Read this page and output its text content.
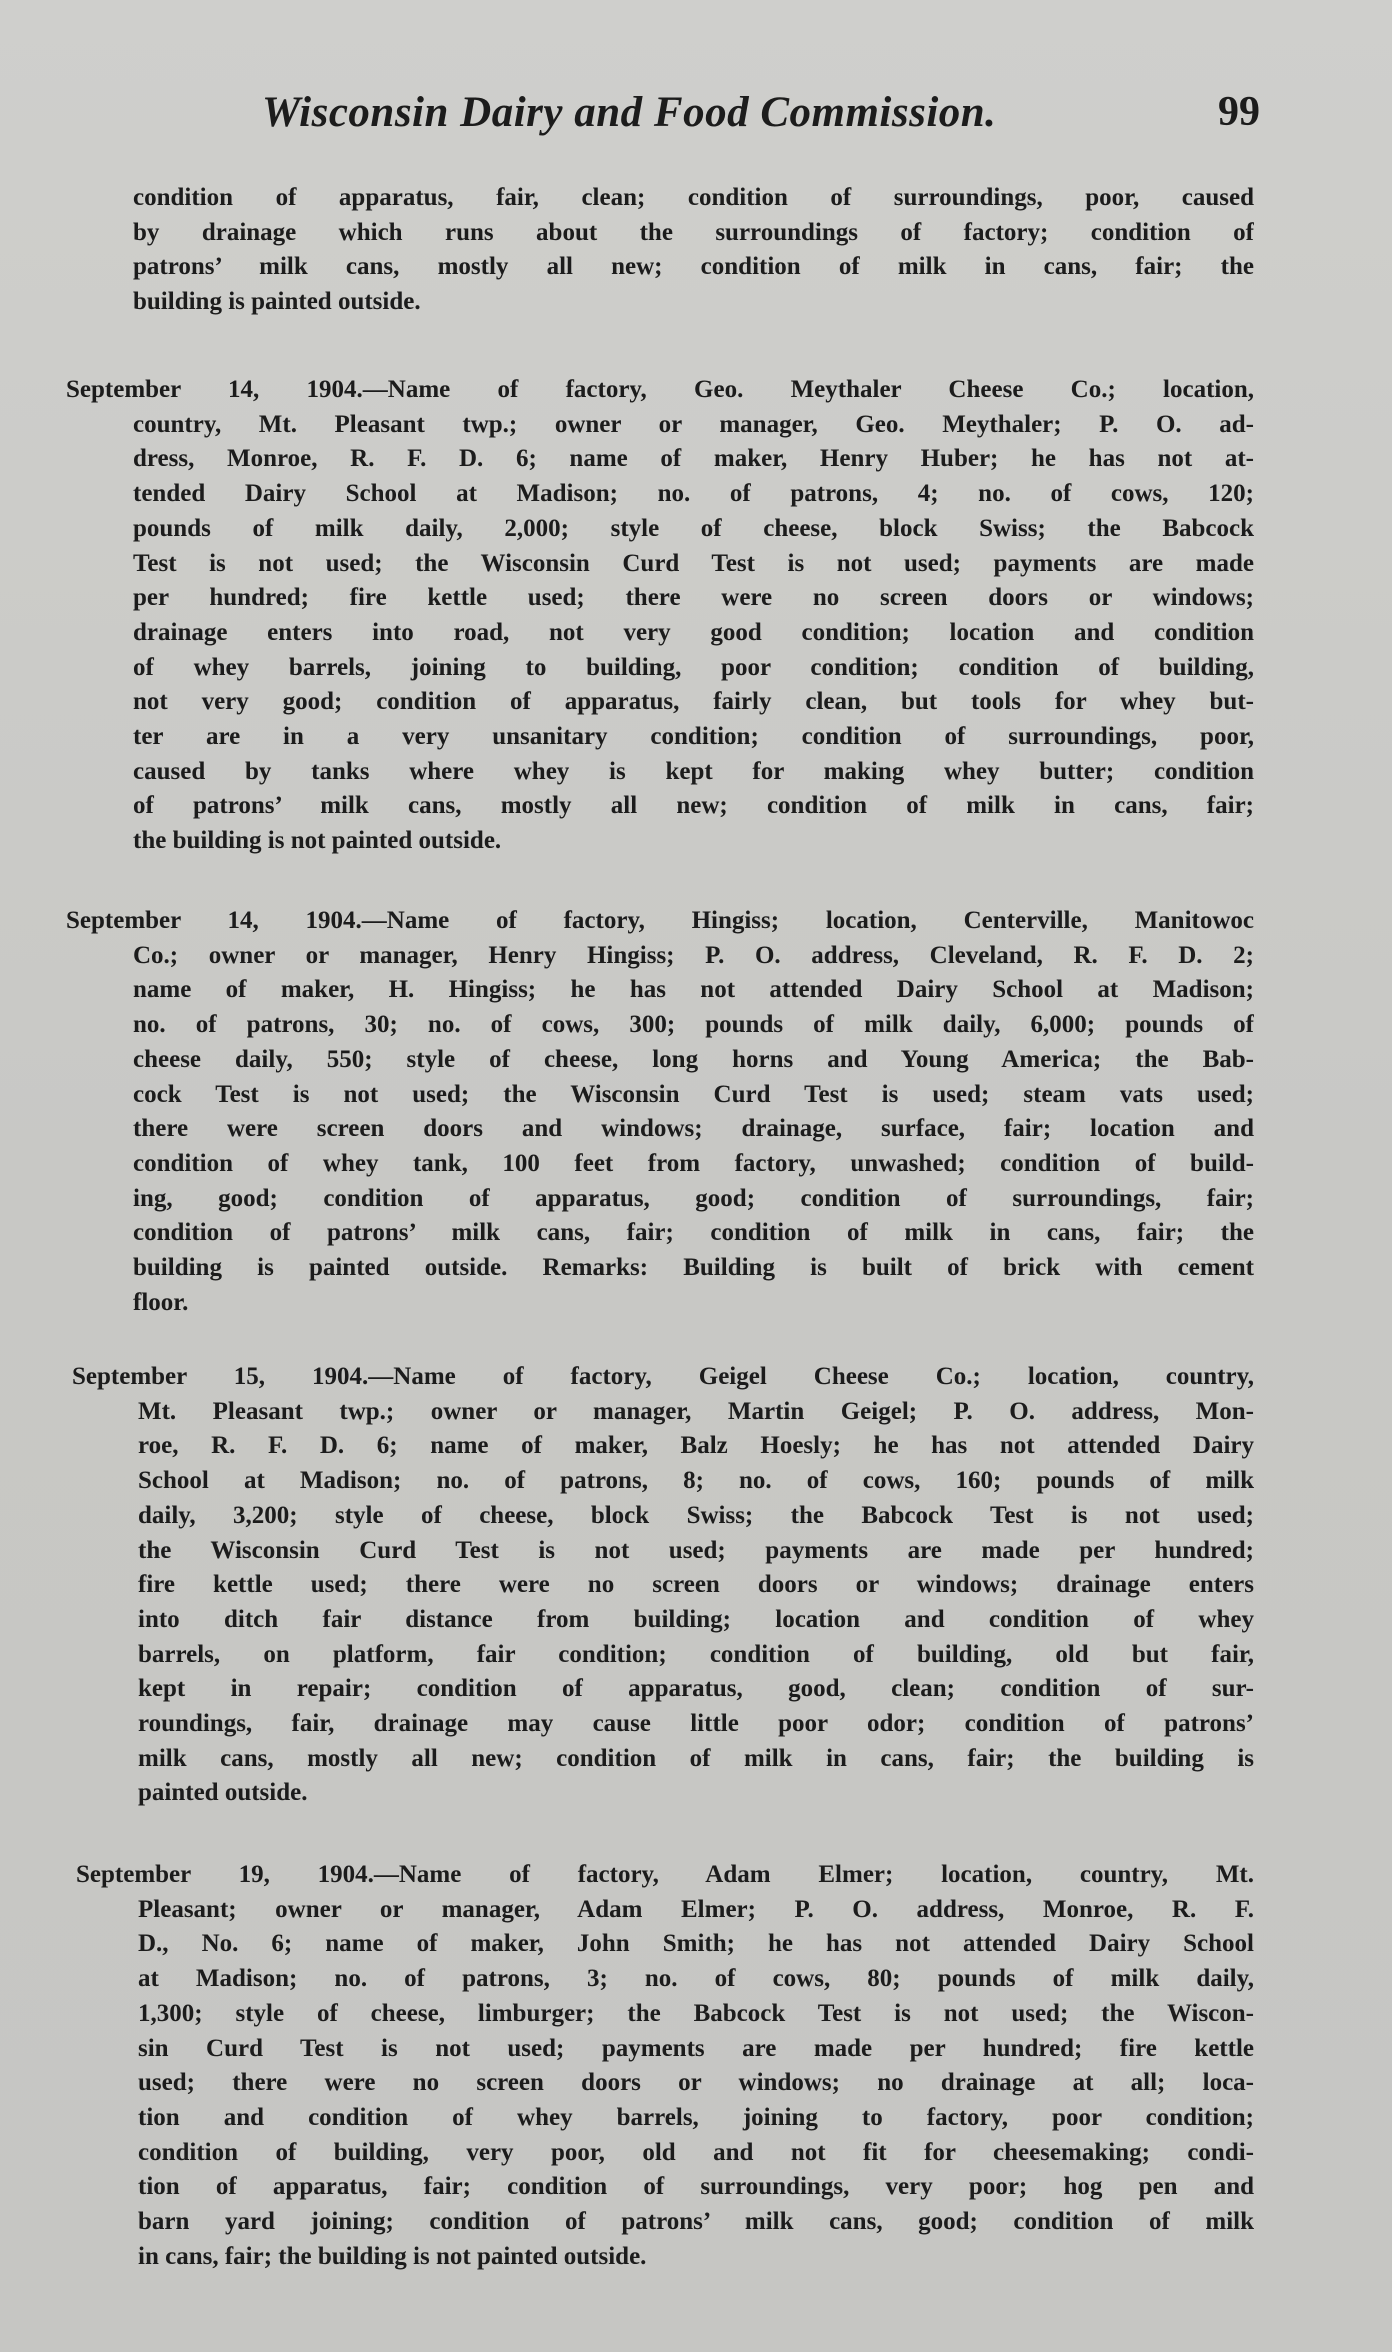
Wisconsin Dairy and Food Commission.	99
condition of apparatus, fair, clean; condition of surroundings, poor, caused
by drainage which runs about the surroundings of factory; condition of
patrons’ milk cans, mostly all new; condition of milk in cans, fair; the
building is painted outside.
September 14, 1904.—Name of factory, Geo. Meythaler Cheese Co.; location,
country, Mt. Pleasant twp.; owner or manager, Geo. Meythaler; P. O. ad-
dress, Monroe, R. F. D. 6; name of maker, Henry Huber; he has not at-
tended Dairy School at Madison; no. of patrons, 4; no. of cows, 120;
pounds of milk daily, 2,000; style of cheese, block Swiss; the Babcock
Test is not used; the Wisconsin Curd Test is not used; payments are made
per hundred; fire kettle used; there were no screen doors or windows;
drainage enters into road, not very good condition; location and condition
of whey barrels, joining to building, poor condition; condition of building,
not very good; condition of apparatus, fairly clean, but tools for whey but-
ter are in a very unsanitary condition; condition of surroundings, poor,
caused by tanks where whey is kept for making whey butter; condition
of patrons’ milk cans, mostly all new; condition of milk in cans, fair;
the building is not painted outside.
September 14, 1904.—Name of factory, Hingiss; location, Centerville, Manitowoc
Co.; owner or manager, Henry Hingiss; P. O. address, Cleveland, R. F. D. 2;
name of maker, H. Hingiss; he has not attended Dairy School at Madison;
no. of patrons, 30; no. of cows, 300; pounds of milk daily, 6,000; pounds of
cheese daily, 550; style of cheese, long horns and Young America; the Bab-
cock Test is not used; the Wisconsin Curd Test is used; steam vats used;
there were screen doors and windows; drainage, surface, fair; location and
condition of whey tank, 100 feet from factory, unwashed; condition of build-
ing, good; condition of apparatus, good; condition of surroundings, fair;
condition of patrons’ milk cans, fair; condition of milk in cans, fair; the
building is painted outside. Remarks: Building is built of brick with cement
floor.
September 15, 1904.—Name of factory, Geigel Cheese Co.; location, country,
Mt. Pleasant twp.; owner or manager, Martin Geigel; P. O. address, Mon-
roe, R. F. D. 6; name of maker, Balz Hoesly; he has not attended Dairy
School at Madison; no. of patrons, 8; no. of cows, 160; pounds of milk
daily, 3,200; style of cheese, block Swiss; the Babcock Test is not used;
the Wisconsin Curd Test is not used; payments are made per hundred;
fire kettle used; there were no screen doors or windows; drainage enters
into ditch fair distance from building; location and condition of whey
barrels, on platform, fair condition; condition of building, old but fair,
kept in repair; condition of apparatus, good, clean; condition of sur-
roundings, fair, drainage may cause little poor odor; condition of patrons’
milk cans, mostly all new; condition of milk in cans, fair; the building is
painted outside.
September 19, 1904.—Name of factory, Adam Elmer; location, country, Mt.
Pleasant; owner or manager, Adam Elmer; P. O. address, Monroe, R. F.
D., No. 6; name of maker, John Smith; he has not attended Dairy School
at Madison; no. of patrons, 3; no. of cows, 80; pounds of milk daily,
1,300; style of cheese, limburger; the Babcock Test is not used; the Wiscon-
sin Curd Test is not used; payments are made per hundred; fire kettle
used; there were no screen doors or windows; no drainage at all; loca-
tion and condition of whey barrels, joining to factory, poor condition;
condition of building, very poor, old and not fit for cheesemaking; condi-
tion of apparatus, fair; condition of surroundings, very poor; hog pen and
barn yard joining; condition of patrons’ milk cans, good; condition of milk
in cans, fair; the building is not painted outside.
